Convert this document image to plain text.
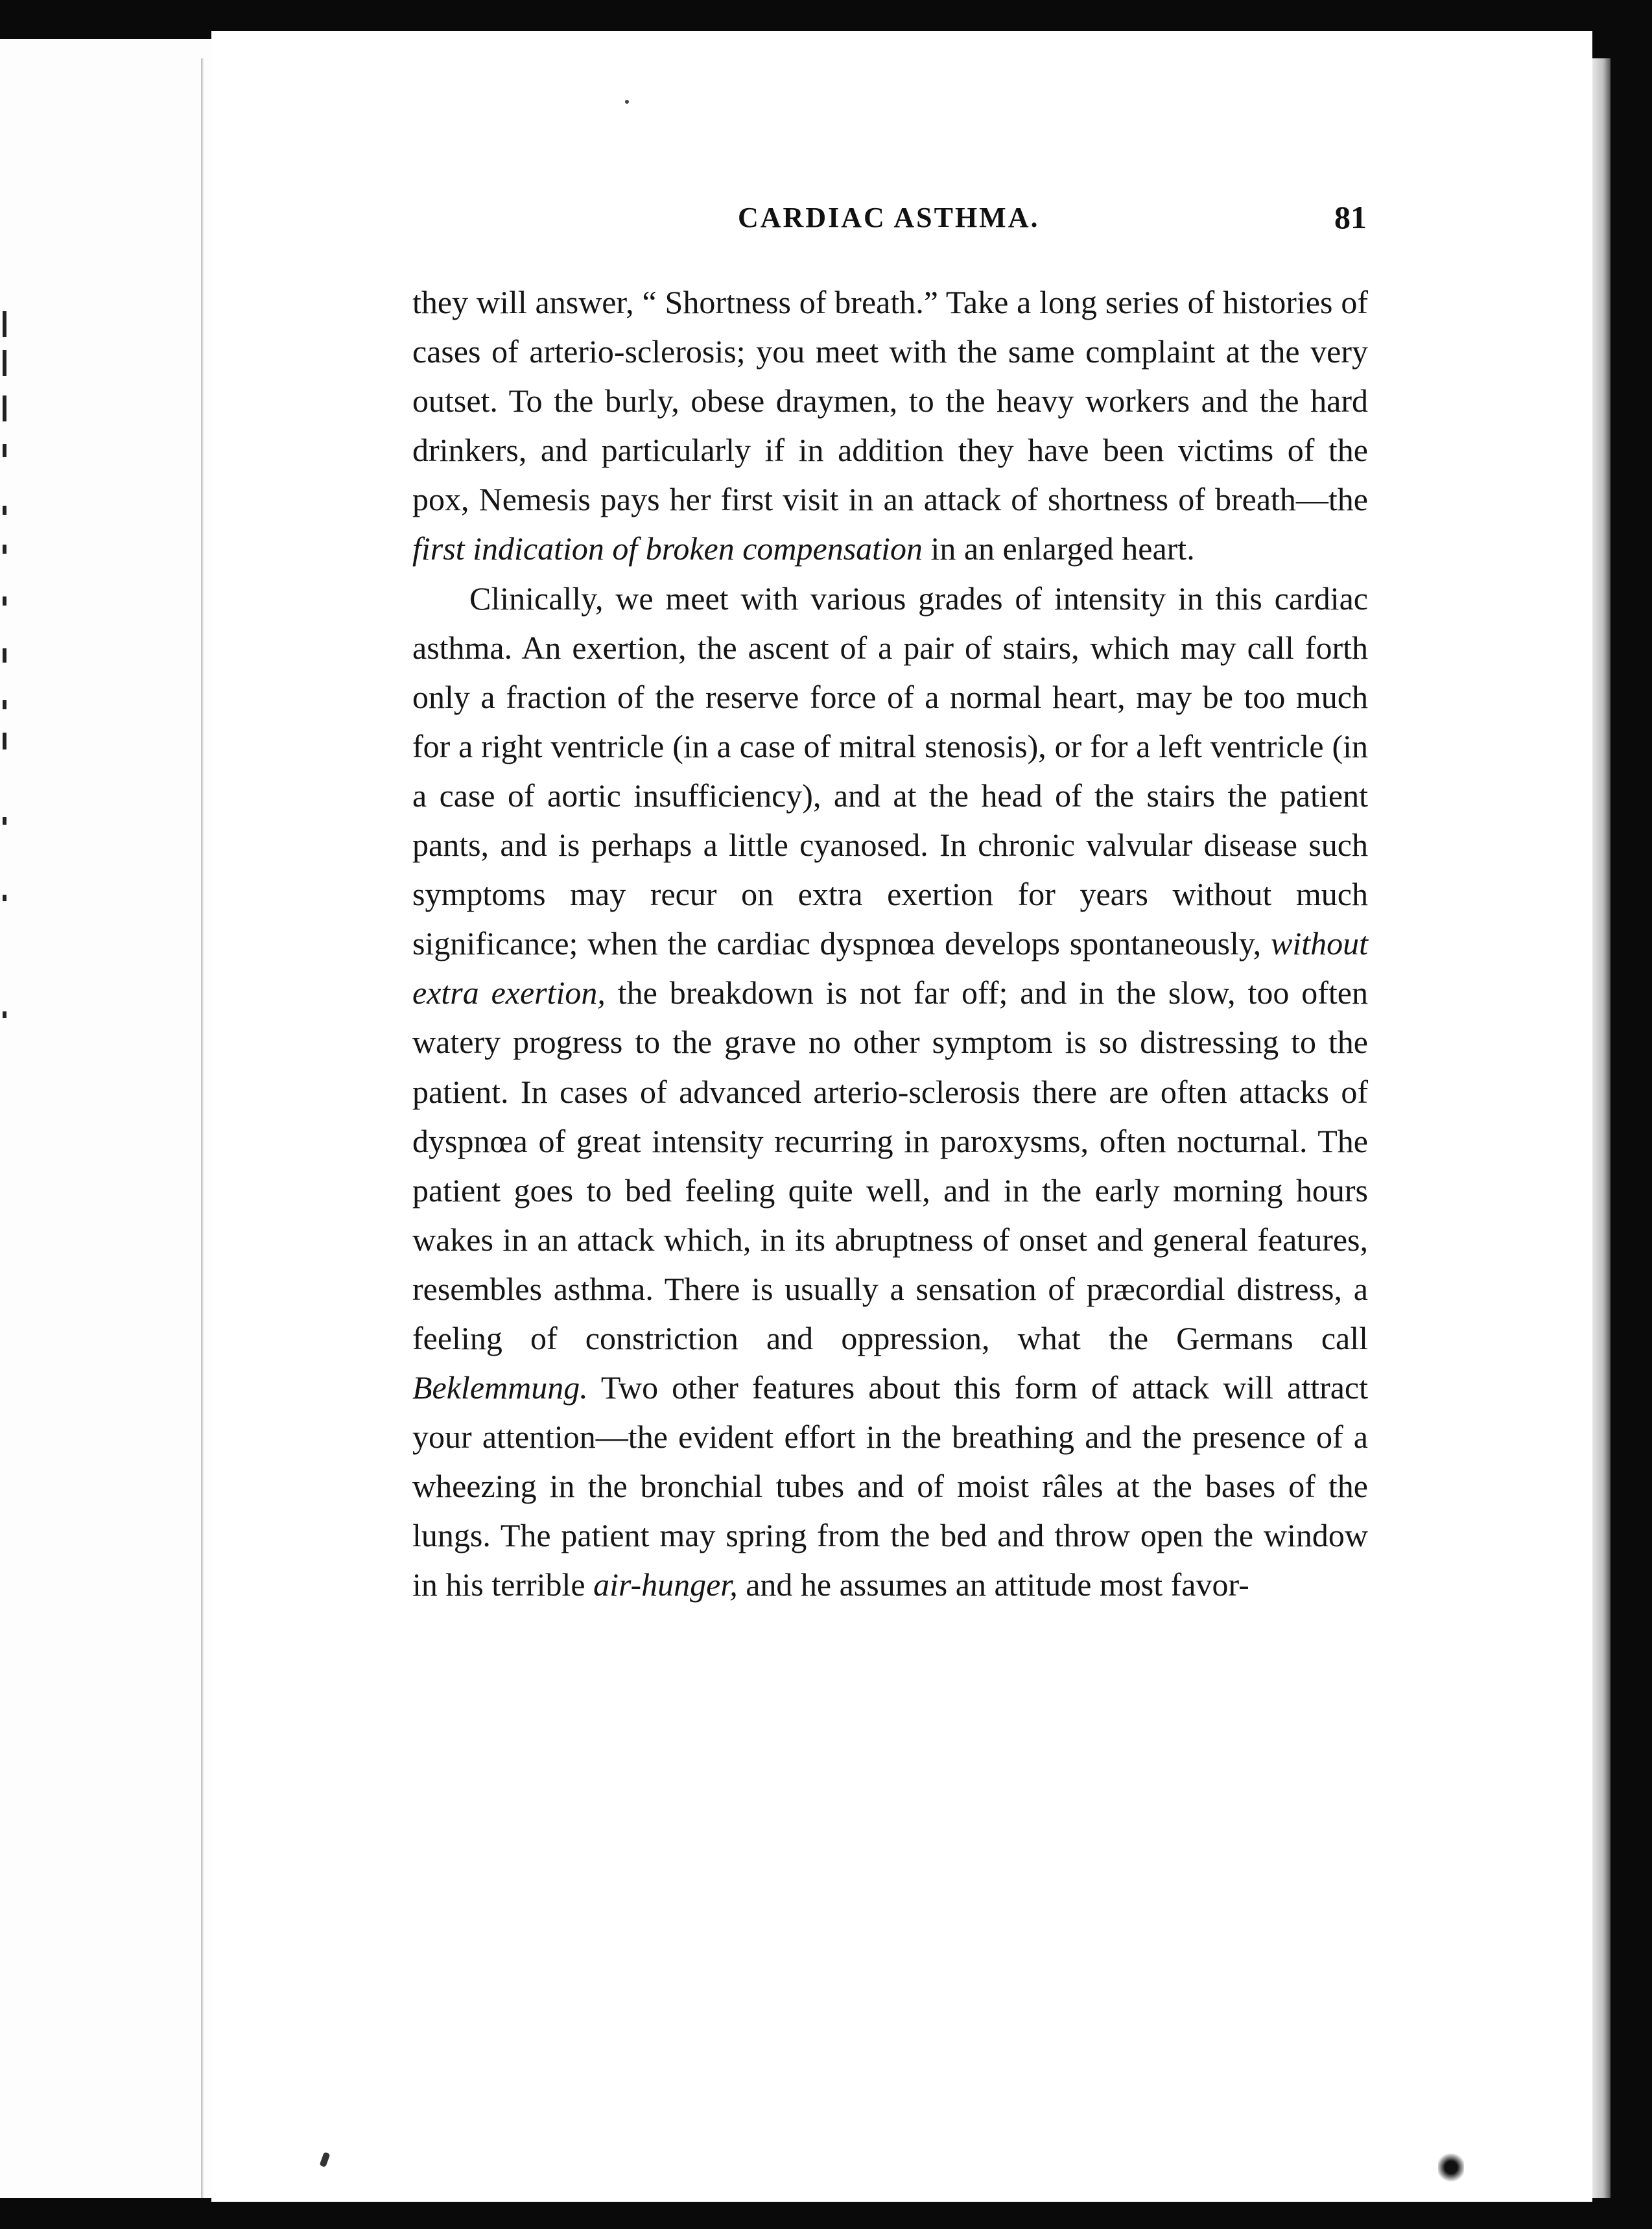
CARDIAC ASTHMA.	81

they will answer, “ Shortness of breath.” Take a long series of histories of cases of arterio-sclerosis; you meet with the same complaint at the very outset. To the burly, obese draymen, to the heavy workers and the hard drinkers, and particularly if in addition they have been victims of the pox, Nemesis pays her first visit in an attack of shortness of breath—the first indication of broken compensation in an enlarged heart.

Clinically, we meet with various grades of intensity in this cardiac asthma. An exertion, the ascent of a pair of stairs, which may call forth only a fraction of the reserve force of a normal heart, may be too much for a right ventricle (in a case of mitral stenosis), or for a left ventricle (in a case of aortic insufficiency), and at the head of the stairs the patient pants, and is perhaps a little cyanosed. In chronic valvular disease such symptoms may recur on extra exertion for years without much significance; when the cardiac dyspnœa develops spontaneously, without extra exertion, the breakdown is not far off; and in the slow, too often watery progress to the grave no other symptom is so distressing to the patient. In cases of advanced arterio-sclerosis there are often attacks of dyspnœa of great intensity recurring in paroxysms, often nocturnal. The patient goes to bed feeling quite well, and in the early morning hours wakes in an attack which, in its abruptness of onset and general features, resembles asthma. There is usually a sensation of præcordial distress, a feeling of constriction and oppression, what the Germans call Beklemmung. Two other features about this form of attack will attract your attention—the evident effort in the breathing and the presence of a wheezing in the bronchial tubes and of moist râles at the bases of the lungs. The patient may spring from the bed and throw open the window in his terrible air-hunger, and he assumes an attitude most favor-
